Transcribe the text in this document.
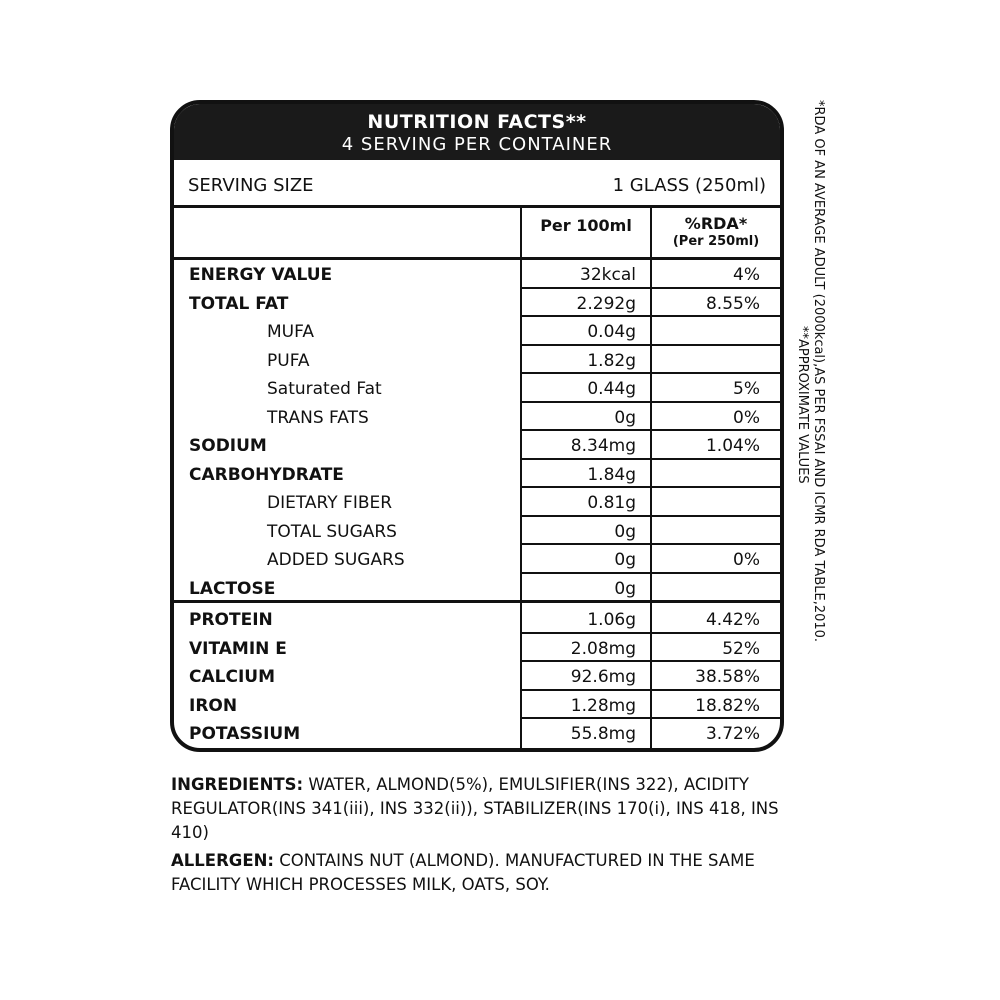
NUTRITION FACTS**
4 SERVING PER CONTAINER
SERVING SIZE	1 GLASS (250ml)
Per 100ml	%RDA*
(Per 250ml)
ENERGY VALUE	32kcal	4%
TOTAL FAT	2.292g	8.55%
MUFA	0.04g
PUFA	1.82g
Saturated Fat	0.44g	5%
TRANS FATS	0g	0%
SODIUM	8.34mg	1.04%
CARBOHYDRATE	1.84g
DIETARY FIBER	0.81g
TOTAL SUGARS	0g
ADDED SUGARS	0g	0%
LACTOSE	0g
PROTEIN	1.06g	4.42%
VITAMIN E	2.08mg	52%
CALCIUM	92.6mg	38.58%
IRON	1.28mg	18.82%
POTASSIUM	55.8mg	3.72%
*RDA OF AN AVERAGE ADULT (2000kcal),AS PER FSSAI AND ICMR RDA TABLE,2010.
**APPROXIMATE VALUES
INGREDIENTS: WATER, ALMOND(5%), EMULSIFIER(INS 322), ACIDITY REGULATOR(INS 341(iii), INS 332(ii)), STABILIZER(INS 170(i), INS 418, INS 410)
ALLERGEN: CONTAINS NUT (ALMOND). MANUFACTURED IN THE SAME FACILITY WHICH PROCESSES MILK, OATS, SOY.
